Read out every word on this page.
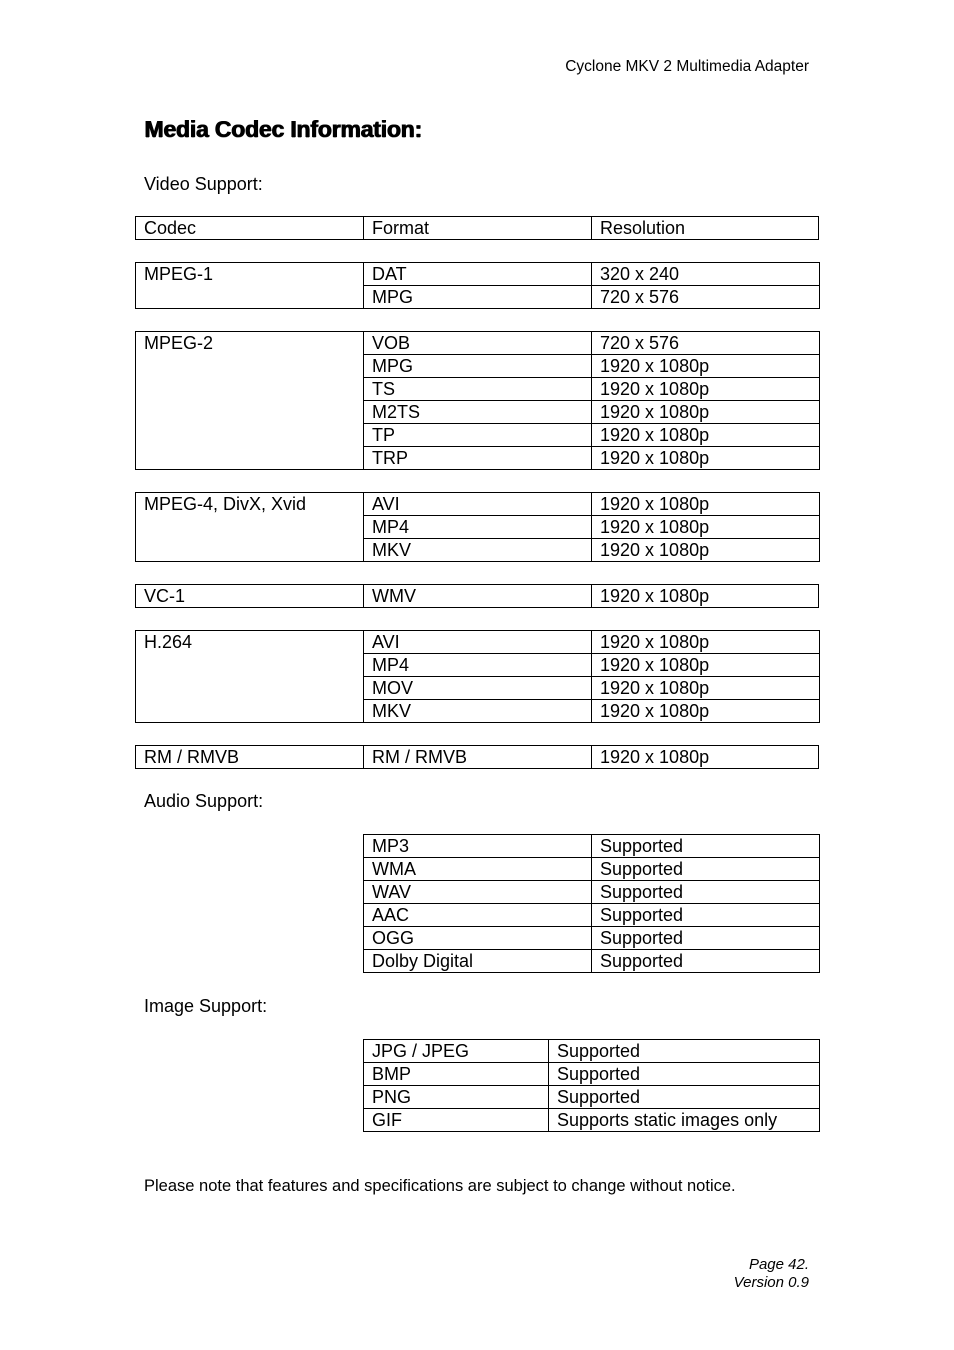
Cyclone MKV 2 Multimedia Adapter
Media Codec Information:
Video Support:
Codec	Format	Resolution
MPEG-1	DAT	320 x 240
	MPG	720 x 576
MPEG-2	VOB	720 x 576
	MPG	1920 x 1080p
	TS	1920 x 1080p
	M2TS	1920 x 1080p
	TP	1920 x 1080p
	TRP	1920 x 1080p
MPEG-4, DivX, Xvid	AVI	1920 x 1080p
	MP4	1920 x 1080p
	MKV	1920 x 1080p
VC-1	WMV	1920 x 1080p
H.264	AVI	1920 x 1080p
	MP4	1920 x 1080p
	MOV	1920 x 1080p
	MKV	1920 x 1080p
RM / RMVB	RM / RMVB	1920 x 1080p
Audio Support:
MP3	Supported
WMA	Supported
WAV	Supported
AAC	Supported
OGG	Supported
Dolby Digital	Supported
Image Support:
JPG / JPEG	Supported
BMP	Supported
PNG	Supported
GIF	Supports static images only
Please note that features and specifications are subject to change without notice.
Page 42.
Version 0.9
